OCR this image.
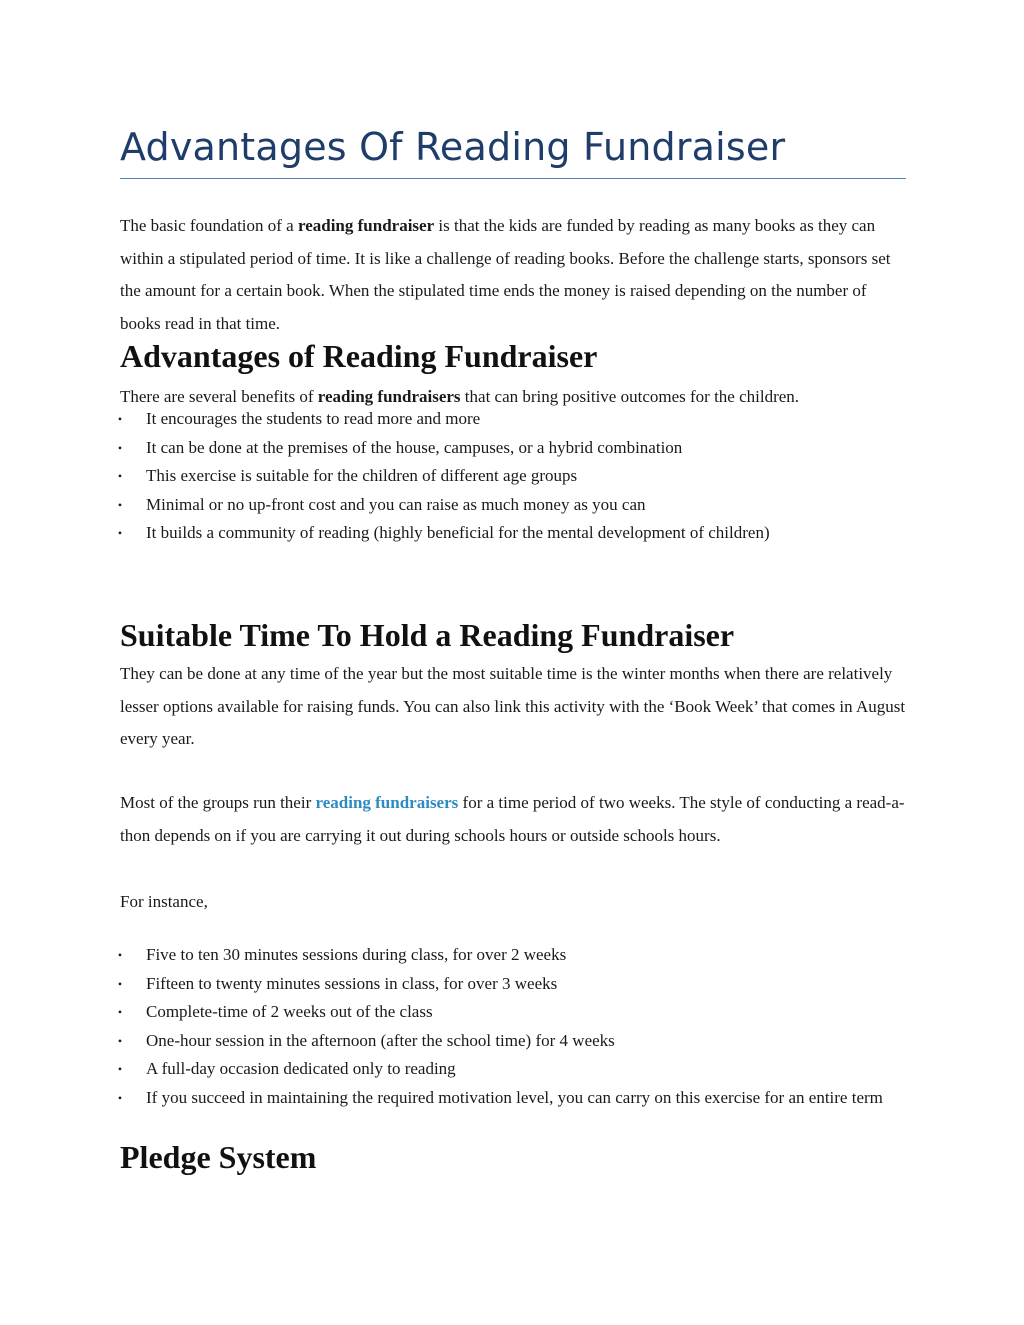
Advantages Of Reading Fundraiser

The basic foundation of a reading fundraiser is that the kids are funded by reading as many books as they can within a stipulated period of time. It is like a challenge of reading books. Before the challenge starts, sponsors set the amount for a certain book. When the stipulated time ends the money is raised depending on the number of books read in that time.

Advantages of Reading Fundraiser

There are several benefits of reading fundraisers that can bring positive outcomes for the children.

• It encourages the students to read more and more
• It can be done at the premises of the house, campuses, or a hybrid combination
• This exercise is suitable for the children of different age groups
• Minimal or no up-front cost and you can raise as much money as you can
• It builds a community of reading (highly beneficial for the mental development of children)
Suitable Time To Hold a Reading Fundraiser

They can be done at any time of the year but the most suitable time is the winter months when there are relatively lesser options available for raising funds. You can also link this activity with the ‘Book Week’ that comes in August every year.

Most of the groups run their reading fundraisers for a time period of two weeks. The style of conducting a read-a-thon depends on if you are carrying it out during schools hours or outside schools hours.

For instance,

• Five to ten 30 minutes sessions during class, for over 2 weeks
• Fifteen to twenty minutes sessions in class, for over 3 weeks
• Complete-time of 2 weeks out of the class
• One-hour session in the afternoon (after the school time) for 4 weeks
• A full-day occasion dedicated only to reading
• If you succeed in maintaining the required motivation level, you can carry on this exercise for an entire term
Pledge System
